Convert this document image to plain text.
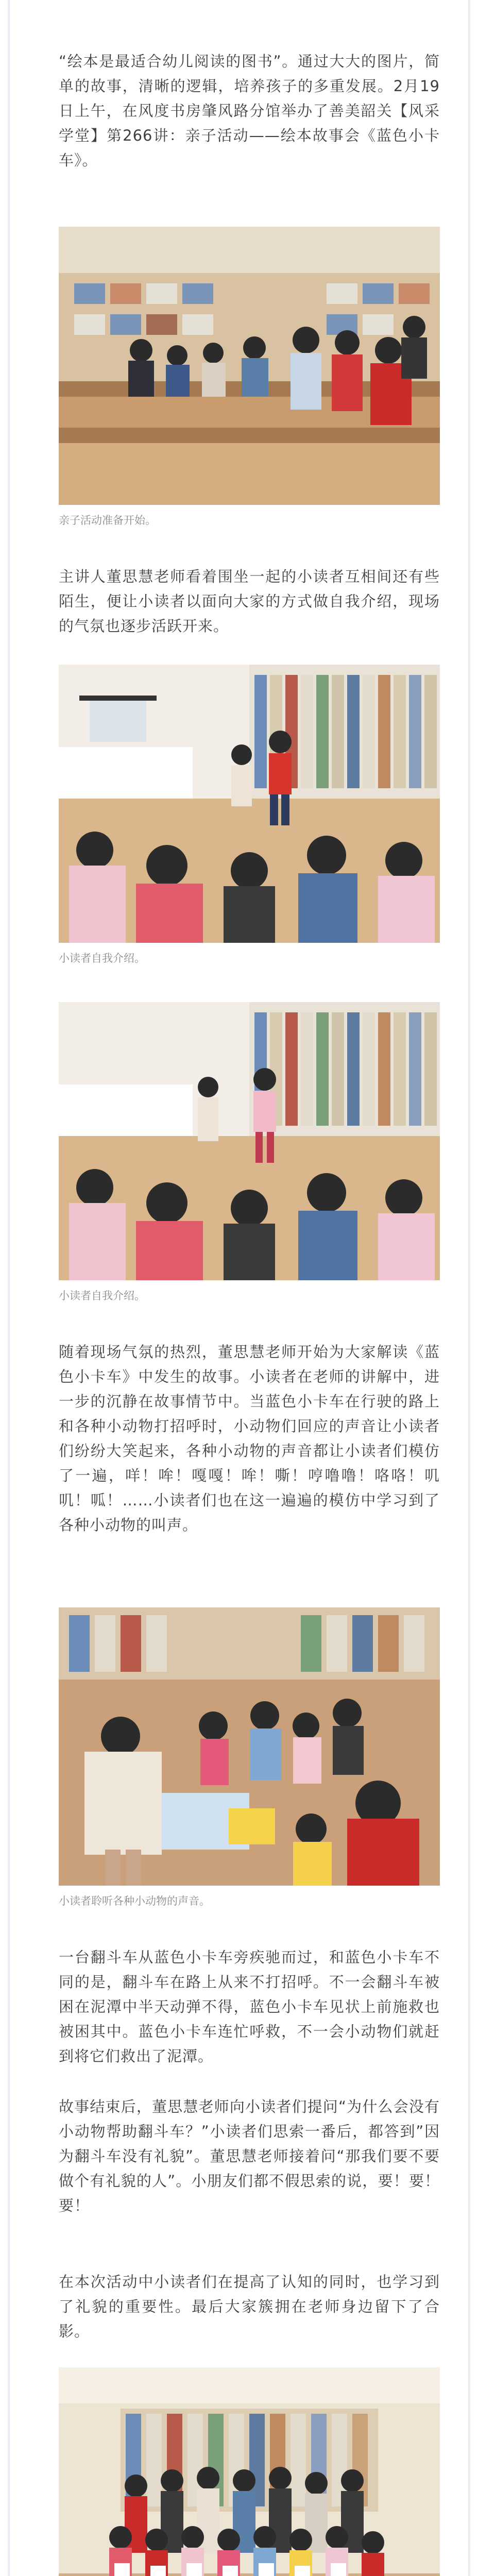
“绘本是最适合幼儿阅读的图书”。通过大大的图片，简单的故事，清晰的逻辑，培养孩子的多重发展。2月19日上午，在风度书房肇风路分馆举办了善美韶关【风采学堂】第266讲：亲子活动——绘本故事会《蓝色小卡车》。

亲子活动准备开始。

主讲人董思慧老师看着围坐一起的小读者互相间还有些陌生，便让小读者以面向大家的方式做自我介绍，现场的气氛也逐步活跃开来。

小读者自我介绍。
小读者自我介绍。

随着现场气氛的热烈，董思慧老师开始为大家解读《蓝色小卡车》中发生的故事。小读者在老师的讲解中，进一步的沉静在故事情节中。当蓝色小卡车在行驶的路上和各种小动物打招呼时，小动物们回应的声音让小读者们纷纷大笑起来，各种小动物的声音都让小读者们模仿了一遍，咩！哞！嘎嘎！哞！嘶！哼噜噜！咯咯！叽叽！呱！……小读者们也在这一遍遍的模仿中学习到了各种小动物的叫声。

小读者聆听各种小动物的声音。

一台翻斗车从蓝色小卡车旁疾驰而过，和蓝色小卡车不同的是，翻斗车在路上从来不打招呼。不一会翻斗车被困在泥潭中半天动弹不得，蓝色小卡车见状上前施救也被困其中。蓝色小卡车连忙呼救，不一会小动物们就赶到将它们救出了泥潭。

故事结束后，董思慧老师向小读者们提问“为什么会没有小动物帮助翻斗车？”小读者们思索一番后，都答到”因为翻斗车没有礼貌”。董思慧老师接着问“那我们要不要做个有礼貌的人”。小朋友们都不假思索的说，要！要！要！

在本次活动中小读者们在提高了认知的同时，也学习到了礼貌的重要性。最后大家簇拥在老师身边留下了合影。
